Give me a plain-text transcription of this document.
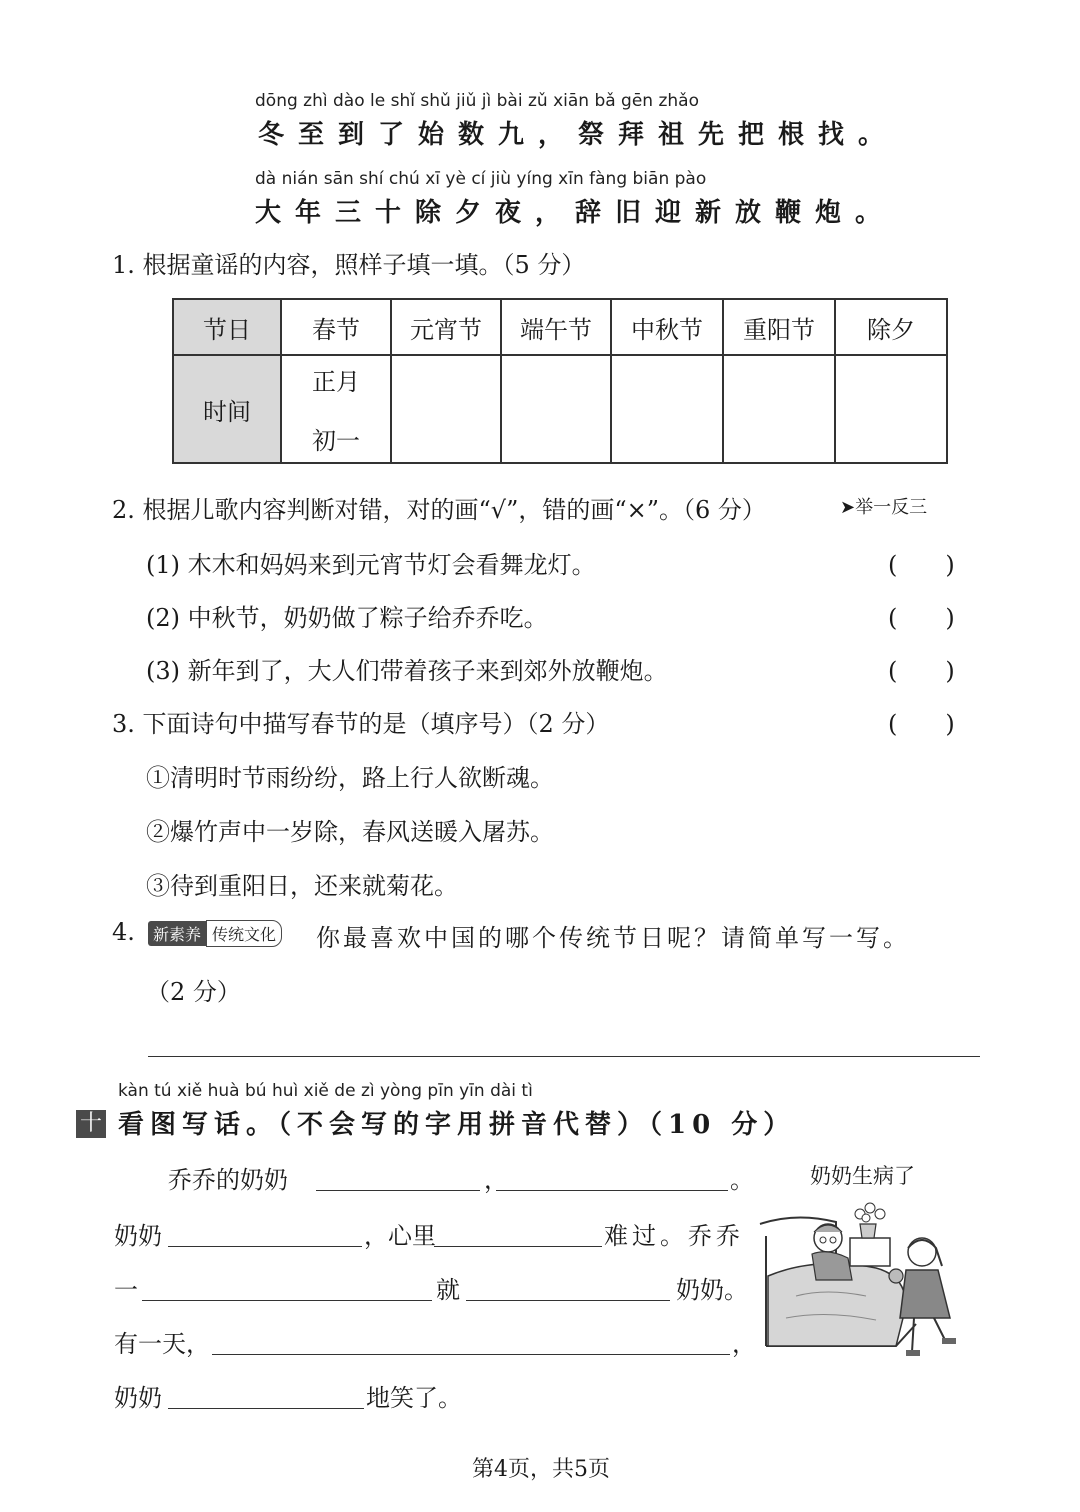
dōng zhì dào le shǐ shǔ jiǔ jì bài zǔ xiān bǎ gēn zhǎo
冬至到了始数九，祭拜祖先把根找。
dà nián sān shí chú xī yè cí jiù yíng xīn fàng biān pào
大年三十除夕夜，辞旧迎新放鞭炮。
1. 根据童谣的内容，照样子填一填。（5 分）
节日	春节	元宵节	端午节	中秋节	重阳节	除夕
时间	正月
初一					

2. 根据儿歌内容判断对错，对的画“√”，错的画“×”。（6 分）	➤举一反三
(1) 木木和妈妈来到元宵节灯会看舞龙灯。	(　　)
(2) 中秋节，奶奶做了粽子给乔乔吃。	(　　)
(3) 新年到了，大人们带着孩子来到郊外放鞭炮。	(　　)
3. 下面诗句中描写春节的是（填序号）（2 分）	(　　)
①清明时节雨纷纷，路上行人欲断魂。
②爆竹声中一岁除，春风送暖入屠苏。
③待到重阳日，还来就菊花。
4.	新素养 传统文化 你最喜欢中国的哪个传统节日呢？请简单写一写。
（2 分）
kàn tú xiě huà bú huì xiě de zì yòng pīn yīn dài tì
十 看图写话。（不会写的字用拼音代替）（10 分）
乔乔的奶奶	，	。
奶奶	，心里	难过。乔乔
一	就	奶奶。
有一天，	，
奶奶	地笑了。
奶奶生病了
第4页，共5页
